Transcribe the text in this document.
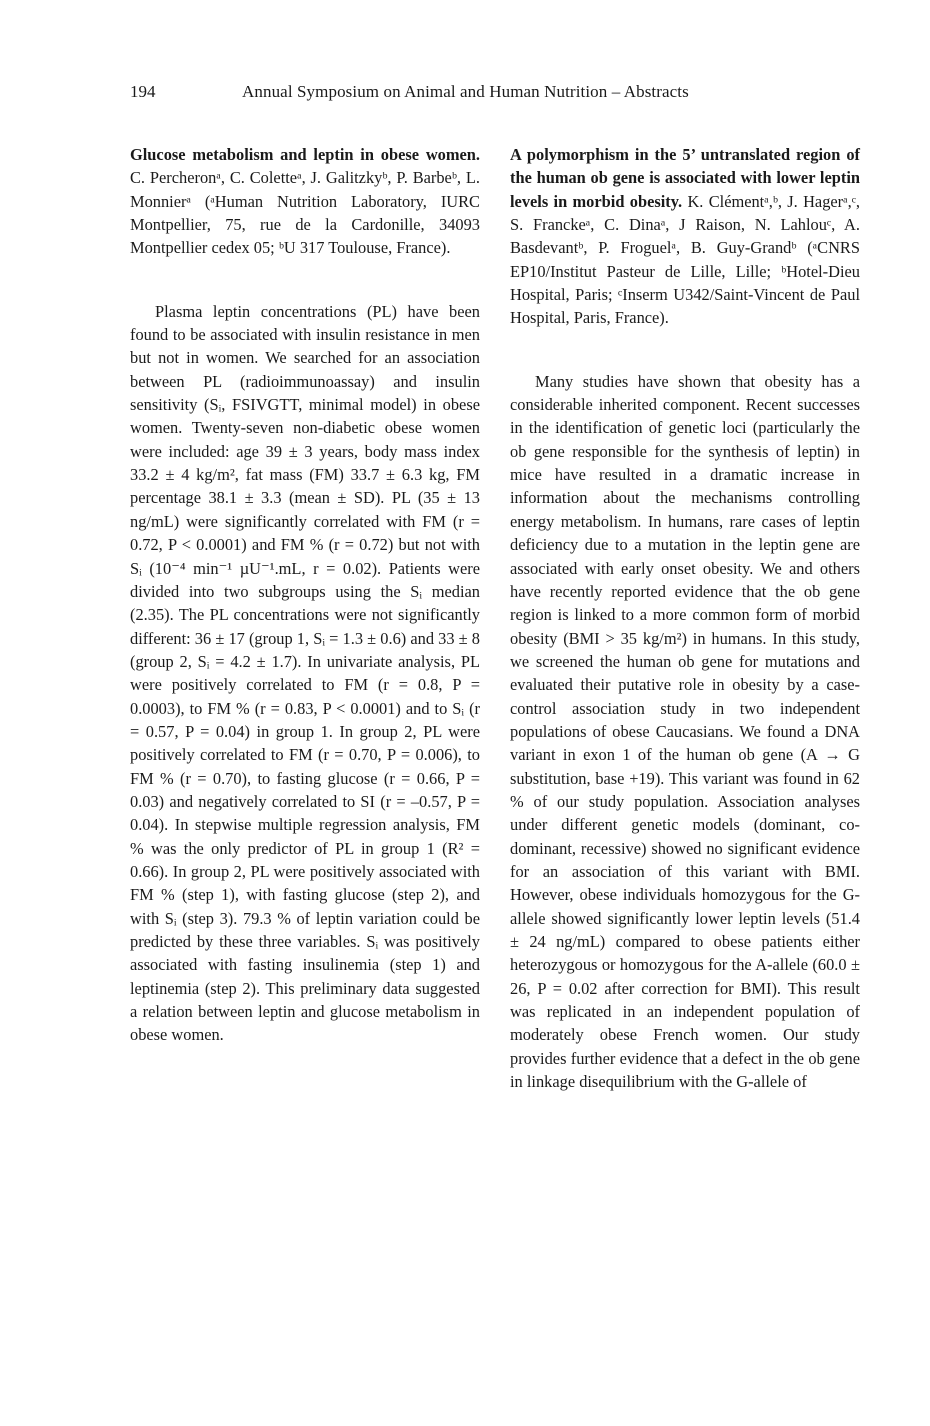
194	Annual Symposium on Animal and Human Nutrition – Abstracts

Glucose metabolism and leptin in obese women. C. Percheronᵃ, C. Coletteᵃ, J. Galitzkyᵇ, P. Barbeᵇ, L. Monnierᵃ (ᵃHuman Nutrition Laboratory, IURC Montpellier, 75, rue de la Cardonille, 34093 Montpellier cedex 05; ᵇU 317 Toulouse, France).

Plasma leptin concentrations (PL) have been found to be associated with insulin resistance in men but not in women. We searched for an association between PL (radioimmunoassay) and insulin sensitivity (Sᵢ, FSIVGTT, minimal model) in obese women. Twenty-seven non-diabetic obese women were included: age 39 ± 3 years, body mass index 33.2 ± 4 kg/m², fat mass (FM) 33.7 ± 6.3 kg, FM percentage 38.1 ± 3.3 (mean ± SD). PL (35 ± 13 ng/mL) were significantly correlated with FM (r = 0.72, P < 0.0001) and FM % (r = 0.72) but not with Sᵢ (10⁻⁴ min⁻¹ µU⁻¹.mL, r = 0.02). Patients were divided into two subgroups using the Sᵢ median (2.35). The PL concentrations were not significantly different: 36 ± 17 (group 1, Sᵢ = 1.3 ± 0.6) and 33 ± 8 (group 2, Sᵢ = 4.2 ± 1.7). In univariate analysis, PL were positively correlated to FM (r = 0.8, P = 0.0003), to FM % (r = 0.83, P < 0.0001) and to Sᵢ (r = 0.57, P = 0.04) in group 1. In group 2, PL were positively correlated to FM (r = 0.70, P = 0.006), to FM % (r = 0.70), to fasting glucose (r = 0.66, P = 0.03) and negatively correlated to SI (r = –0.57, P = 0.04). In stepwise multiple regression analysis, FM % was the only predictor of PL in group 1 (R² = 0.66). In group 2, PL were positively associated with FM % (step 1), with fasting glucose (step 2), and with Sᵢ (step 3). 79.3 % of leptin variation could be predicted by these three variables. Sᵢ was positively associated with fasting insulinemia (step 1) and leptinemia (step 2). This preliminary data suggested a relation between leptin and glucose metabolism in obese women.

A polymorphism in the 5’ untranslated region of the human ob gene is associated with lower leptin levels in morbid obesity. K. Clémentᵃ,ᵇ, J. Hagerᵃ,ᶜ, S. Franckeᵃ, C. Dinaᵃ, J Raison, N. Lahlouᶜ, A. Basdevantᵇ, P. Froguelᵃ, B. Guy-Grandᵇ (ᵃCNRS EP10/Institut Pasteur de Lille, Lille; ᵇHotel-Dieu Hospital, Paris; ᶜInserm U342/Saint-Vincent de Paul Hospital, Paris, France).

Many studies have shown that obesity has a considerable inherited component. Recent successes in the identification of genetic loci (particularly the ob gene responsible for the synthesis of leptin) in mice have resulted in a dramatic increase in information about the mechanisms controlling energy metabolism. In humans, rare cases of leptin deficiency due to a mutation in the leptin gene are associated with early onset obesity. We and others have recently reported evidence that the ob gene region is linked to a more common form of morbid obesity (BMI > 35 kg/m²) in humans. In this study, we screened the human ob gene for mutations and evaluated their putative role in obesity by a case-control association study in two independent populations of obese Caucasians. We found a DNA variant in exon 1 of the human ob gene (A → G substitution, base +19). This variant was found in 62 % of our study population. Association analyses under different genetic models (dominant, co-dominant, recessive) showed no significant evidence for an association of this variant with BMI. However, obese individuals homozygous for the G-allele showed significantly lower leptin levels (51.4 ± 24 ng/mL) compared to obese patients either heterozygous or homozygous for the A-allele (60.0 ± 26, P = 0.02 after correction for BMI). This result was replicated in an independent population of moderately obese French women. Our study provides further evidence that a defect in the ob gene in linkage disequilibrium with the G-allele of
